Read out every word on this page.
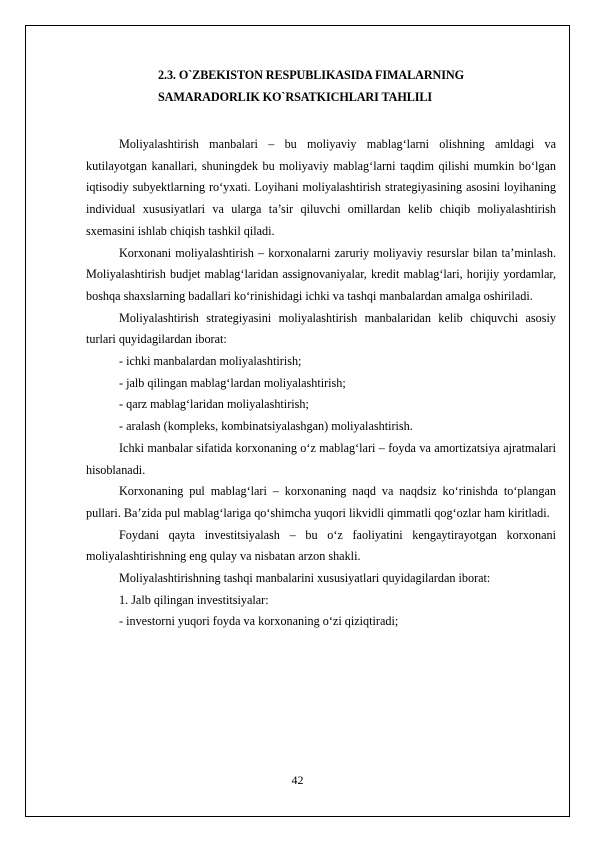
2.3. O`ZBEKISTON RESPUBLIKASIDA FIMALARNING
SAMARADORLIK KO`RSATKICHLARI TAHLILI

Moliyalashtirish manbalari – bu moliyaviy mablag‘larni olishning amldagi va kutilayotgan kanallari, shuningdek bu moliyaviy mablag‘larni taqdim qilishi mumkin bo‘lgan iqtisodiy subyektlarning ro‘yxati. Loyihani moliyalashtirish strategiyasining asosini loyihaning individual xususiyatlari va ularga ta’sir qiluvchi omillardan kelib chiqib moliyalashtirish sxemasini ishlab chiqish tashkil qiladi.

Korxonani moliyalashtirish – korxonalarni zaruriy moliyaviy resurslar bilan ta’minlash. Moliyalashtirish budjet mablag‘laridan assignovaniyalar, kredit mablag‘lari, horijiy yordamlar, boshqa shaxslarning badallari ko‘rinishidagi ichki va tashqi manbalardan amalga oshiriladi.

Moliyalashtirish strategiyasini moliyalashtirish manbalaridan kelib chiquvchi asosiy turlari quyidagilardan iborat:

- ichki manbalardan moliyalashtirish;

- jalb qilingan mablag‘lardan moliyalashtirish;

- qarz mablag‘laridan moliyalashtirish;

- aralash (kompleks, kombinatsiyalashgan) moliyalashtirish.

Ichki manbalar sifatida korxonaning o‘z mablag‘lari – foyda va amortizatsiya ajratmalari hisoblanadi.

Korxonaning pul mablag‘lari – korxonaning naqd va naqdsiz ko‘rinishda to‘plangan pullari. Ba’zida pul mablag‘lariga qo‘shimcha yuqori likvidli qimmatli qog‘ozlar ham kiritladi.

Foydani qayta investitsiyalash – bu o‘z faoliyatini kengaytirayotgan korxonani moliyalashtirishning eng qulay va nisbatan arzon shakli.

Moliyalashtirishning tashqi manbalarini xususiyatlari quyidagilardan iborat:

1. Jalb qilingan investitsiyalar:

- investorni yuqori foyda va korxonaning o‘zi qiziqtiradi;

42
